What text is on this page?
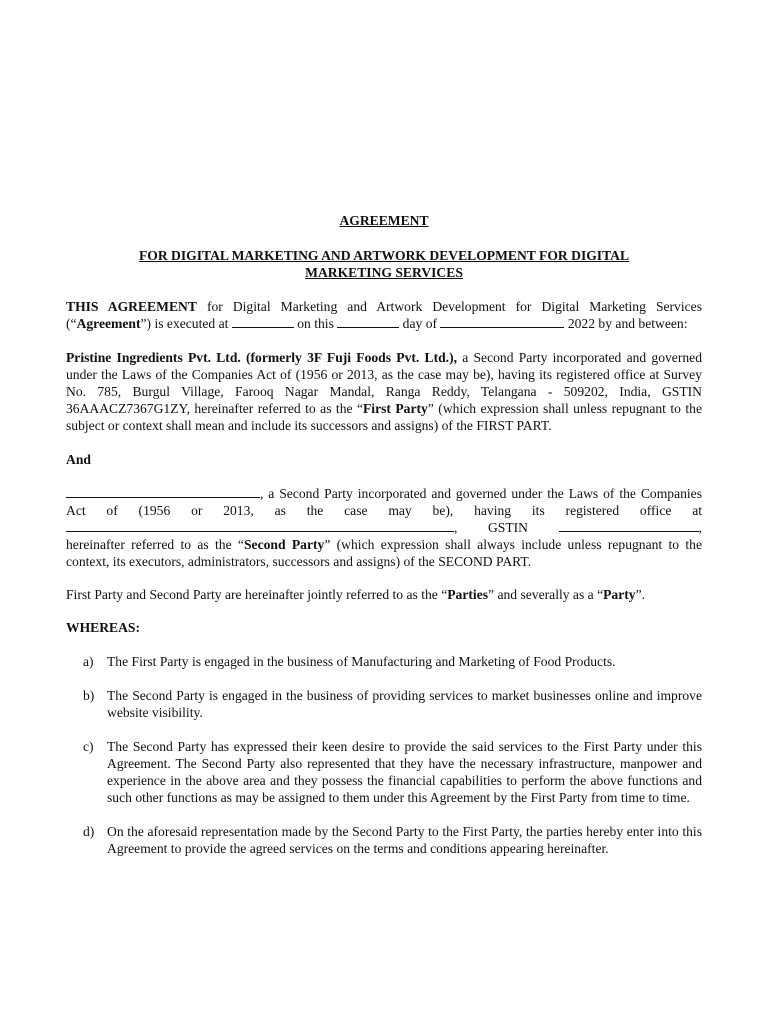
AGREEMENT
FOR DIGITAL MARKETING AND ARTWORK DEVELOPMENT FOR DIGITAL MARKETING SERVICES

THIS AGREEMENT for Digital Marketing and Artwork Development for Digital Marketing Services (“Agreement”) is executed at	on this	day of	2022 by and between:

Pristine Ingredients Pvt. Ltd. (formerly 3F Fuji Foods Pvt. Ltd.), a Second Party incorporated and governed under the Laws of the Companies Act of (1956 or 2013, as the case may be), having its registered office at Survey No. 785, Burgul Village, Farooq Nagar Mandal, Ranga Reddy, Telangana - 509202, India, GSTIN 36AAACZ7367G1ZY, hereinafter referred to as the “First Party” (which expression shall unless repugnant to the subject or context shall mean and include its successors and assigns) of the FIRST PART.

And

, a Second Party incorporated and governed under the Laws of the Companies Act of (1956 or 2013, as the case may be), having its registered office at , GSTIN	, hereinafter referred to as the “Second Party” (which expression shall always include unless repugnant to the context, its executors, administrators, successors and assigns) of the SECOND PART.

First Party and Second Party are hereinafter jointly referred to as the “Parties” and severally as a “Party”.

WHEREAS:

a) The First Party is engaged in the business of Manufacturing and Marketing of Food Products.
b) The Second Party is engaged in the business of providing services to market businesses online and improve website visibility.
c) The Second Party has expressed their keen desire to provide the said services to the First Party under this Agreement. The Second Party also represented that they have the necessary infrastructure, manpower and experience in the above area and they possess the financial capabilities to perform the above functions and such other functions as may be assigned to them under this Agreement by the First Party from time to time.
d) On the aforesaid representation made by the Second Party to the First Party, the parties hereby enter into this Agreement to provide the agreed services on the terms and conditions appearing hereinafter.
